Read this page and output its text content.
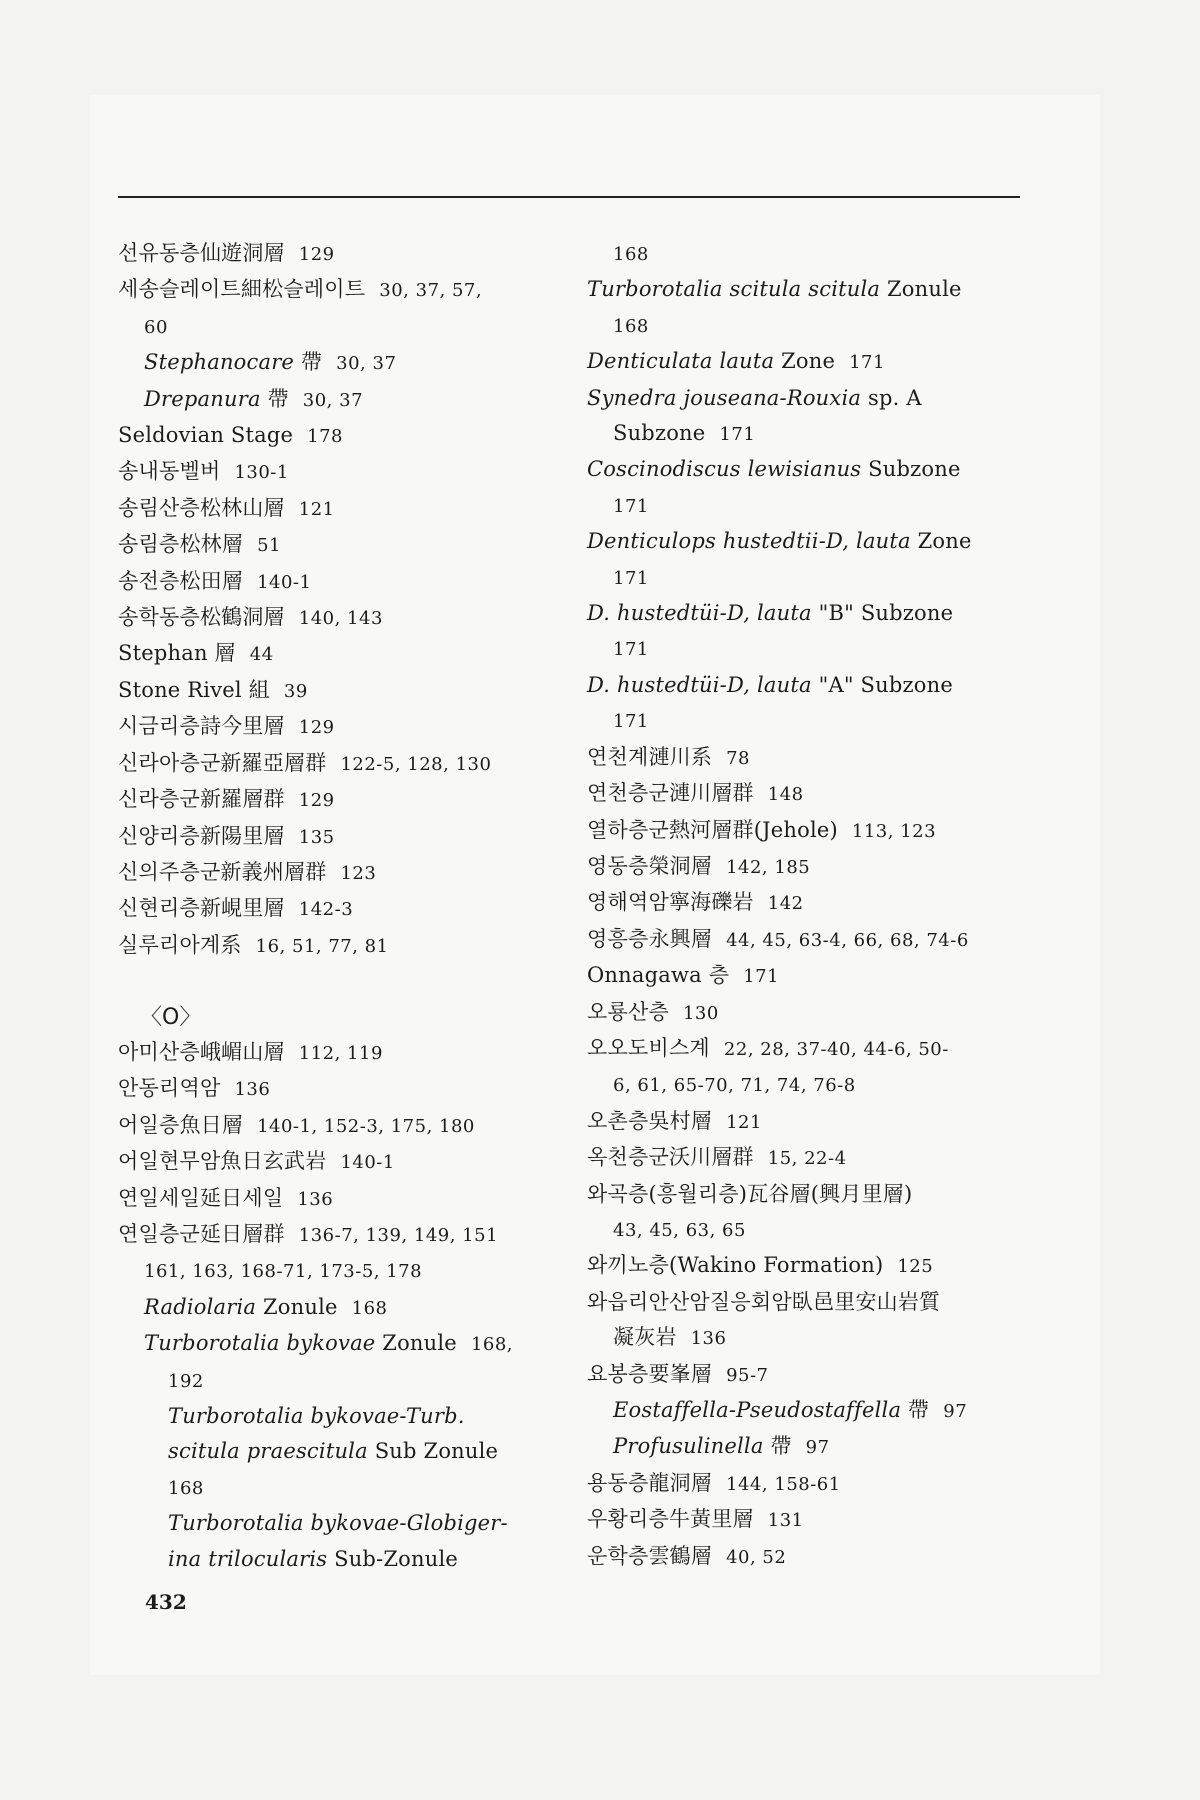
선유동층仙遊洞層 129
세송슬레이트細松슬레이트 30, 37, 57,
60
Stephanocare 帶 30, 37
Drepanura 帶 30, 37
Seldovian Stage 178
송내동벨버 130-1
송림산층松林山層 121
송림층松林層 51
송전층松田層 140-1
송학동층松鶴洞層 140, 143
Stephan 層 44
Stone Rivel 組 39
시금리층詩今里層 129
신라아층군新羅亞層群 122-5, 128, 130
신라층군新羅層群 129
신양리층新陽里層 135
신의주층군新義州層群 123
신현리층新峴里層 142-3
실루리아계系 16, 51, 77, 81
〈O〉
아미산층峨嵋山層 112, 119
안동리역암 136
어일층魚日層 140-1, 152-3, 175, 180
어일현무암魚日玄武岩 140-1
연일세일延日세일 136
연일층군延日層群 136-7, 139, 149, 151
161, 163, 168-71, 173-5, 178
Radiolaria Zonule 168
Turborotalia bykovae Zonule 168,
192
Turborotalia bykovae-Turb.
scitula praescitula Sub Zonule
168
Turborotalia bykovae-Globiger-
ina trilocularis Sub-Zonule
168
Turborotalia scitula scitula Zonule
168
Denticulata lauta Zone 171
Synedra jouseana-Rouxia sp. A
Subzone 171
Coscinodiscus lewisianus Subzone
171
Denticulops hustedtii-D, lauta Zone
171
D. hustedtüi-D, lauta "B" Subzone
171
D. hustedtüi-D, lauta "A" Subzone
171
연천계漣川系 78
연천층군漣川層群 148
열하층군熱河層群(Jehole) 113, 123
영동층榮洞層 142, 185
영해역암寧海礫岩 142
영흥층永興層 44, 45, 63-4, 66, 68, 74-6
Onnagawa 층 171
오룡산층 130
오오도비스계 22, 28, 37-40, 44-6, 50-
6, 61, 65-70, 71, 74, 76-8
오촌층吳村層 121
옥천층군沃川層群 15, 22-4
와곡층(흥월리층)瓦谷層(興月里層)
43, 45, 63, 65
와끼노층(Wakino Formation) 125
와읍리안산암질응회암臥邑里安山岩質
凝灰岩 136
요봉층要峯層 95-7
Eostaffella-Pseudostaffella 帶 97
Profusulinella 帶 97
용동층龍洞層 144, 158-61
우황리층牛黃里層 131
운학층雲鶴層 40, 52
432
